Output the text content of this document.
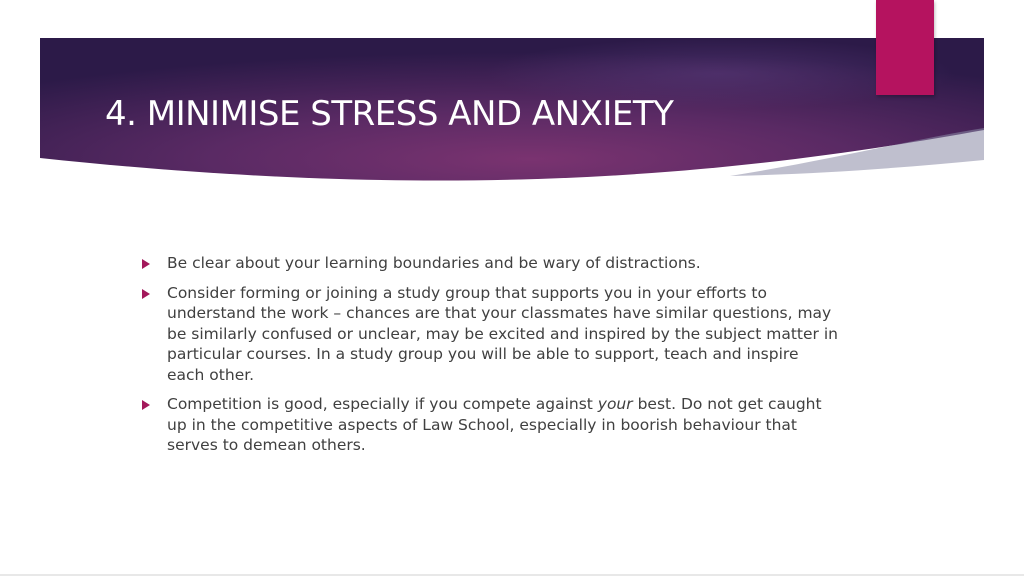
4. MINIMISE STRESS AND ANXIETY
Be clear about your learning boundaries and be wary of distractions.
Consider forming or joining a study group that supports you in your efforts to understand the work – chances are that your classmates have similar questions, may be similarly confused or unclear, may be excited and inspired by the subject matter in particular courses. In a study group you will be able to support, teach and inspire each other.
Competition is good, especially if you compete against your best. Do not get caught up in the competitive aspects of Law School, especially in boorish behaviour that serves to demean others.
